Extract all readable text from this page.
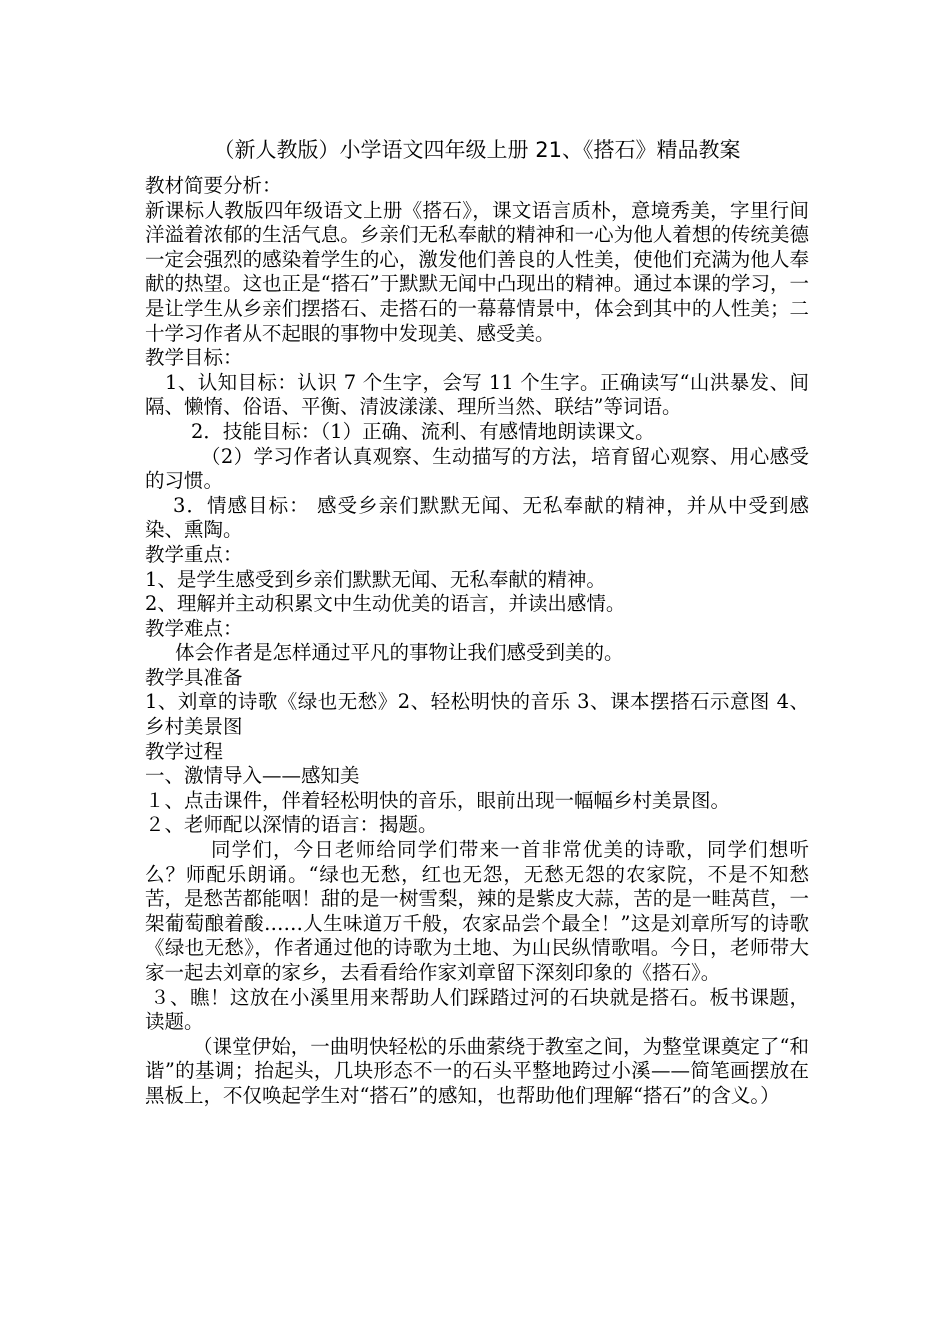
（新人教版）小学语文四年级上册 21、《搭石》精品教案

教材简要分析：

新课标人教版四年级语文上册《搭石》，课文语言质朴，意境秀美，字里行间洋溢着浓郁的生活气息。乡亲们无私奉献的精神和一心为他人着想的传统美德一定会强烈的感染着学生的心，激发他们善良的人性美，使他们充满为他人奉献的热望。这也正是“搭石”于默默无闻中凸现出的精神。通过本课的学习，一是让学生从乡亲们摆搭石、走搭石的一幕幕情景中，体会到其中的人性美；二十学习作者从不起眼的事物中发现美、感受美。

教学目标：

1、认知目标：认识 7 个生字，会写 11 个生字。正确读写“山洪暴发、间隔、懒惰、俗语、平衡、清波漾漾、理所当然、联结”等词语。

2．技能目标：（1）正确、流利、有感情地朗读课文。

（2）学习作者认真观察、生动描写的方法，培育留心观察、用心感受的习惯。

3．情感目标： 感受乡亲们默默无闻、无私奉献的精神，并从中受到感染、熏陶。

教学重点：

1、是学生感受到乡亲们默默无闻、无私奉献的精神。

2、理解并主动积累文中生动优美的语言，并读出感情。

教学难点：

体会作者是怎样通过平凡的事物让我们感受到美的。

教学具准备

1、刘章的诗歌《绿也无愁》2、轻松明快的音乐 3、课本摆搭石示意图 4、乡村美景图

教学过程

一、激情导入——感知美

１、点击课件，伴着轻松明快的音乐，眼前出现一幅幅乡村美景图。

２、老师配以深情的语言：揭题。

同学们，今日老师给同学们带来一首非常优美的诗歌，同学们想听么？师配乐朗诵。“绿也无愁，红也无怨，无愁无怨的农家院，不是不知愁苦，是愁苦都能咽！甜的是一树雪梨，辣的是紫皮大蒜，苦的是一畦莴苣，一架葡萄酿着酸……人生味道万千般，农家品尝个最全！”这是刘章所写的诗歌《绿也无愁》，作者通过他的诗歌为土地、为山民纵情歌唱。今日，老师带大家一起去刘章的家乡，去看看给作家刘章留下深刻印象的《搭石》。

３、瞧！这放在小溪里用来帮助人们踩踏过河的石块就是搭石。板书课题，读题。

（课堂伊始，一曲明快轻松的乐曲萦绕于教室之间，为整堂课奠定了“和谐”的基调；抬起头，几块形态不一的石头平整地跨过小溪——简笔画摆放在黑板上，不仅唤起学生对“搭石”的感知，也帮助他们理解“搭石”的含义。）
